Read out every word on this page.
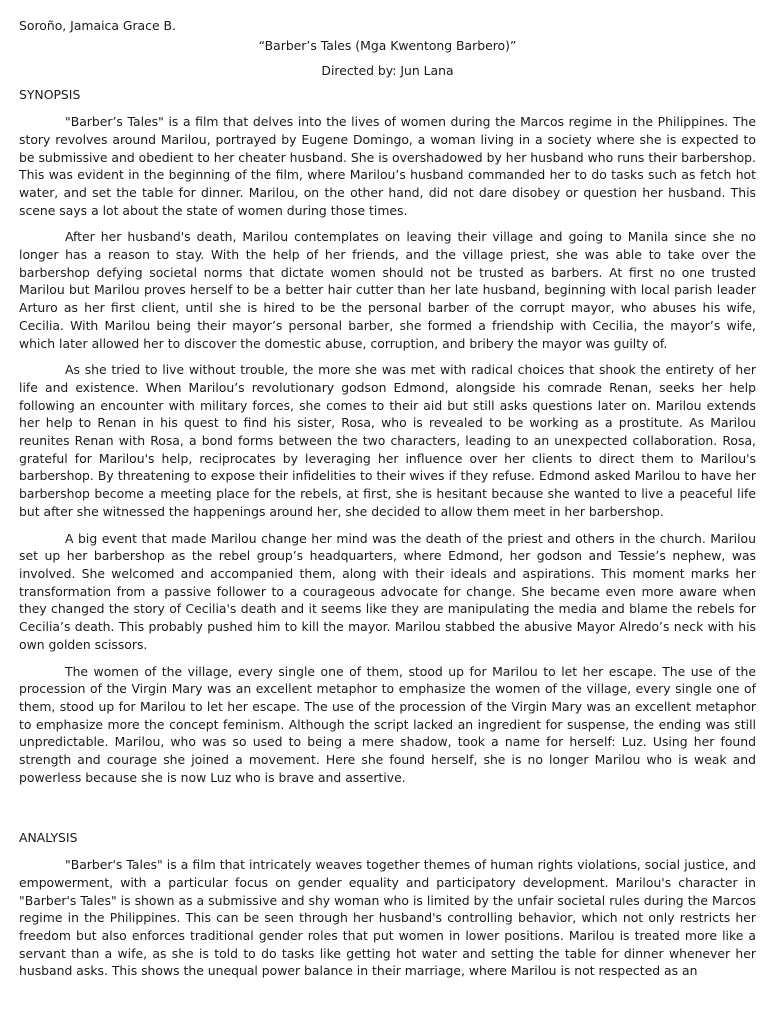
Soroño, Jamaica Grace B.

“Barber’s Tales (Mga Kwentong Barbero)”

Directed by: Jun Lana

SYNOPSIS

"Barber’s Tales" is a film that delves into the lives of women during the Marcos regime in the Philippines. The story revolves around Marilou, portrayed by Eugene Domingo, a woman living in a society where she is expected to be submissive and obedient to her cheater husband. She is overshadowed by her husband who runs their barbershop. This was evident in the beginning of the film, where Marilou’s husband commanded her to do tasks such as fetch hot water, and set the table for dinner. Marilou, on the other hand, did not dare disobey or question her husband. This scene says a lot about the state of women during those times.

After her husband's death, Marilou contemplates on leaving their village and going to Manila since she no longer has a reason to stay. With the help of her friends, and the village priest, she was able to take over the barbershop defying societal norms that dictate women should not be trusted as barbers. At first no one trusted Marilou but Marilou proves herself to be a better hair cutter than her late husband, beginning with local parish leader Arturo as her first client, until she is hired to be the personal barber of the corrupt mayor, who abuses his wife, Cecilia. With Marilou being their mayor’s personal barber, she formed a friendship with Cecilia, the mayor’s wife, which later allowed her to discover the domestic abuse, corruption, and bribery the mayor was guilty of.

As she tried to live without trouble, the more she was met with radical choices that shook the entirety of her life and existence. When Marilou’s revolutionary godson Edmond, alongside his comrade Renan, seeks her help following an encounter with military forces, she comes to their aid but still asks questions later on. Marilou extends her help to Renan in his quest to find his sister, Rosa, who is revealed to be working as a prostitute. As Marilou reunites Renan with Rosa, a bond forms between the two characters, leading to an unexpected collaboration. Rosa, grateful for Marilou's help, reciprocates by leveraging her influence over her clients to direct them to Marilou's barbershop. By threatening to expose their infidelities to their wives if they refuse. Edmond asked Marilou to have her barbershop become a meeting place for the rebels, at first, she is hesitant because she wanted to live a peaceful life but after she witnessed the happenings around her, she decided to allow them meet in her barbershop.

A big event that made Marilou change her mind was the death of the priest and others in the church. Marilou set up her barbershop as the rebel group’s headquarters, where Edmond, her godson and Tessie’s nephew, was involved. She welcomed and accompanied them, along with their ideals and aspirations. This moment marks her transformation from a passive follower to a courageous advocate for change. She became even more aware when they changed the story of Cecilia's death and it seems like they are manipulating the media and blame the rebels for Cecilia’s death. This probably pushed him to kill the mayor. Marilou stabbed the abusive Mayor Alredo’s neck with his own golden scissors.

The women of the village, every single one of them, stood up for Marilou to let her escape. The use of the procession of the Virgin Mary was an excellent metaphor to emphasize the women of the village, every single one of them, stood up for Marilou to let her escape. The use of the procession of the Virgin Mary was an excellent metaphor to emphasize more the concept feminism. Although the script lacked an ingredient for suspense, the ending was still unpredictable. Marilou, who was so used to being a mere shadow, took a name for herself: Luz. Using her found strength and courage she joined a movement. Here she found herself, she is no longer Marilou who is weak and powerless because she is now Luz who is brave and assertive.

ANALYSIS

"Barber's Tales" is a film that intricately weaves together themes of human rights violations, social justice, and empowerment, with a particular focus on gender equality and participatory development. Marilou's character in "Barber's Tales" is shown as a submissive and shy woman who is limited by the unfair societal rules during the Marcos regime in the Philippines. This can be seen through her husband's controlling behavior, which not only restricts her freedom but also enforces traditional gender roles that put women in lower positions. Marilou is treated more like a servant than a wife, as she is told to do tasks like getting hot water and setting the table for dinner whenever her husband asks. This shows the unequal power balance in their marriage, where Marilou is not respected as an
